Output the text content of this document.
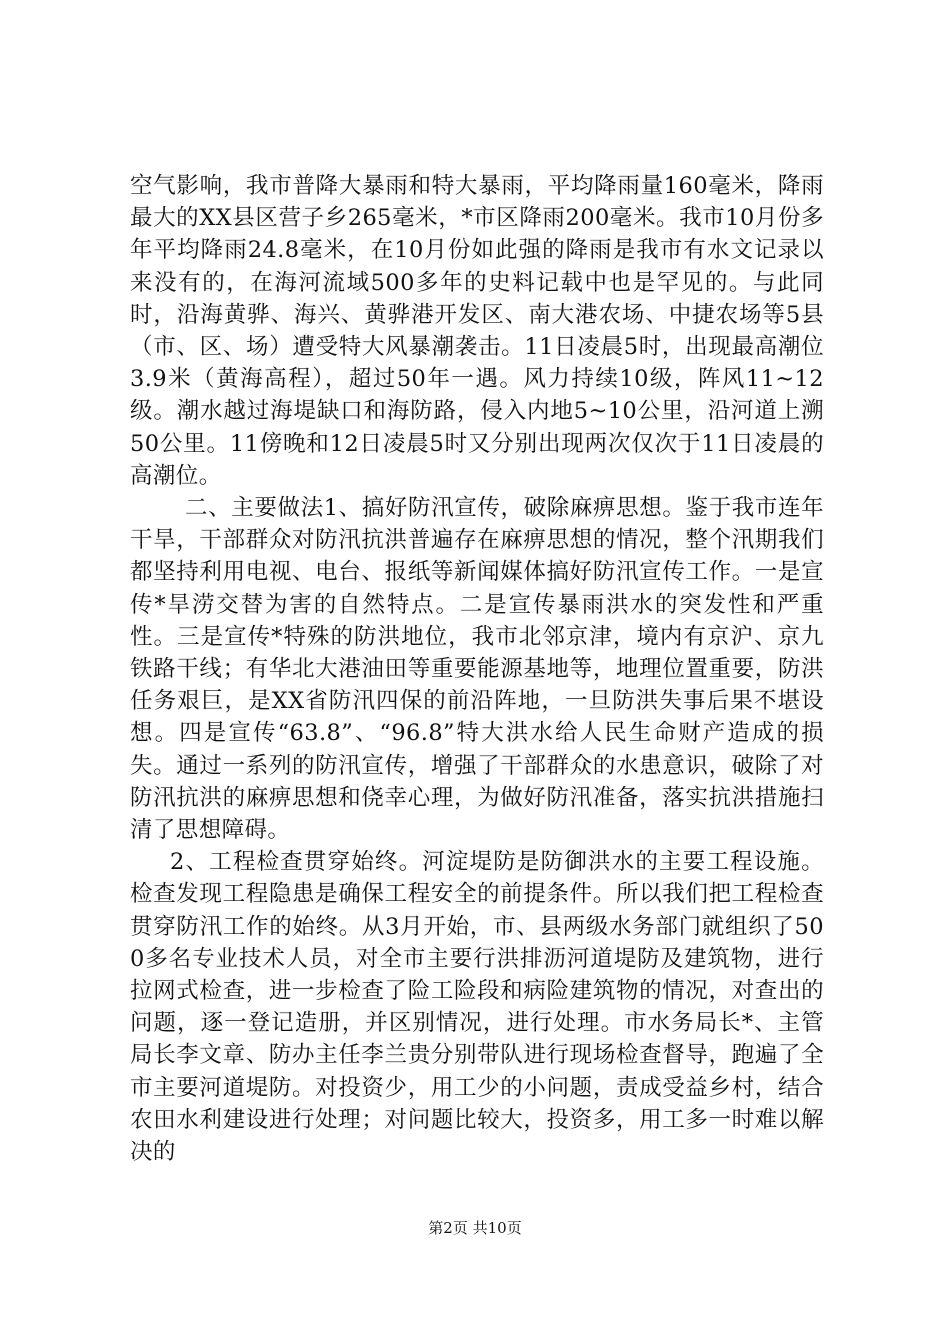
空气影响，我市普降大暴雨和特大暴雨，平均降雨量160毫米，降雨最大的XX县区营子乡265毫米，*市区降雨200毫米。我市10月份多年平均降雨24.8毫米，在10月份如此强的降雨是我市有水文记录以来没有的，在海河流域500多年的史料记载中也是罕见的。与此同时，沿海黄骅、海兴、黄骅港开发区、南大港农场、中捷农场等5县（市、区、场）遭受特大风暴潮袭击。11日凌晨5时，出现最高潮位3.9米（黄海高程），超过50年一遇。风力持续10级，阵风11~12级。潮水越过海堤缺口和海防路，侵入内地5~10公里，沿河道上溯50公里。11傍晚和12日凌晨5时又分别出现两次仅次于11日凌晨的高潮位。

二、主要做法1、搞好防汛宣传，破除麻痹思想。鉴于我市连年干旱，干部群众对防汛抗洪普遍存在麻痹思想的情况，整个汛期我们都坚持利用电视、电台、报纸等新闻媒体搞好防汛宣传工作。一是宣传*旱涝交替为害的自然特点。二是宣传暴雨洪水的突发性和严重性。三是宣传*特殊的防洪地位，我市北邻京津，境内有京沪、京九铁路干线；有华北大港油田等重要能源基地等，地理位置重要，防洪任务艰巨，是XX省防汛四保的前沿阵地，一旦防洪失事后果不堪设想。四是宣传“63.8”、“96.8”特大洪水给人民生命财产造成的损失。通过一系列的防汛宣传，增强了干部群众的水患意识，破除了对防汛抗洪的麻痹思想和侥幸心理，为做好防汛准备，落实抗洪措施扫清了思想障碍。

2、工程检查贯穿始终。河淀堤防是防御洪水的主要工程设施。检查发现工程隐患是确保工程安全的前提条件。所以我们把工程检查贯穿防汛工作的始终。从3月开始，市、县两级水务部门就组织了500多名专业技术人员，对全市主要行洪排沥河道堤防及建筑物，进行拉网式检查，进一步检查了险工险段和病险建筑物的情况，对查出的问题，逐一登记造册，并区别情况，进行处理。市水务局长*、主管局长李文章、防办主任李兰贵分别带队进行现场检查督导，跑遍了全市主要河道堤防。对投资少，用工少的小问题，责成受益乡村，结合农田水利建设进行处理；对问题比较大，投资多，用工多一时难以解决的

第2页 共10页
